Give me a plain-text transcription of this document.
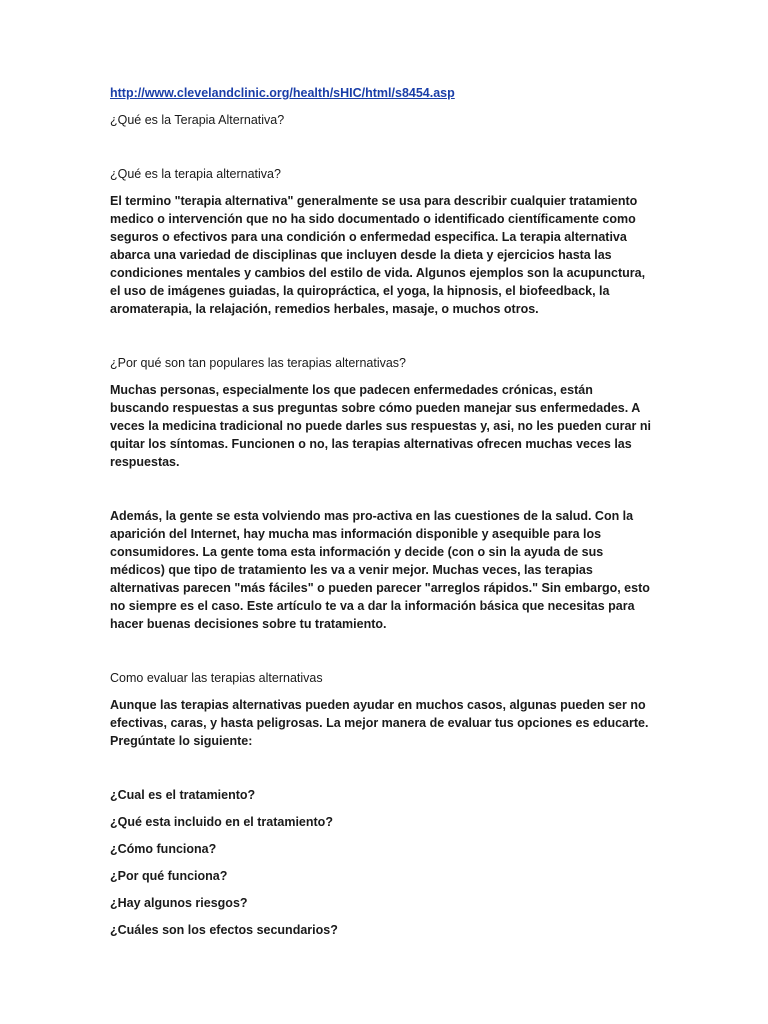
http://www.clevelandclinic.org/health/sHIC/html/s8454.asp

¿Qué es la Terapia Alternativa?

¿Qué es la terapia alternativa?

El termino "terapia alternativa" generalmente se usa para describir cualquier tratamiento medico o intervención que no ha sido documentado o identificado científicamente como seguros o efectivos para una condición o enfermedad especifica. La terapia alternativa abarca una variedad de disciplinas que incluyen desde la dieta y ejercicios hasta las condiciones mentales y cambios del estilo de vida. Algunos ejemplos son la acupunctura, el uso de imágenes guiadas, la quiropráctica, el yoga, la hipnosis, el biofeedback, la aromaterapia, la relajación, remedios herbales, masaje, o muchos otros.

¿Por qué son tan populares las terapias alternativas?

Muchas personas, especialmente los que padecen enfermedades crónicas, están buscando respuestas a sus preguntas sobre cómo pueden manejar sus enfermedades. A veces la medicina tradicional no puede darles sus respuestas y, asi, no les pueden curar ni quitar los síntomas. Funcionen o no, las terapias alternativas ofrecen muchas veces las respuestas.

Además, la gente se esta volviendo mas pro-activa en las cuestiones de la salud. Con la aparición del Internet, hay mucha mas información disponible y asequible para los consumidores. La gente toma esta información y decide (con o sin la ayuda de sus médicos) que tipo de tratamiento les va a venir mejor. Muchas veces, las terapias alternativas parecen "más fáciles" o pueden parecer "arreglos rápidos." Sin embargo, esto no siempre es el caso. Este artículo te va a dar la información básica que necesitas para hacer buenas decisiones sobre tu tratamiento.

Como evaluar las terapias alternativas

Aunque las terapias alternativas pueden ayudar en muchos casos, algunas pueden ser no efectivas, caras, y hasta peligrosas. La mejor manera de evaluar tus opciones es educarte. Pregúntate lo siguiente:

¿Cual es el tratamiento?

¿Qué esta incluido en el tratamiento?

¿Cómo funciona?

¿Por qué funciona?

¿Hay algunos riesgos?

¿Cuáles son los efectos secundarios?
